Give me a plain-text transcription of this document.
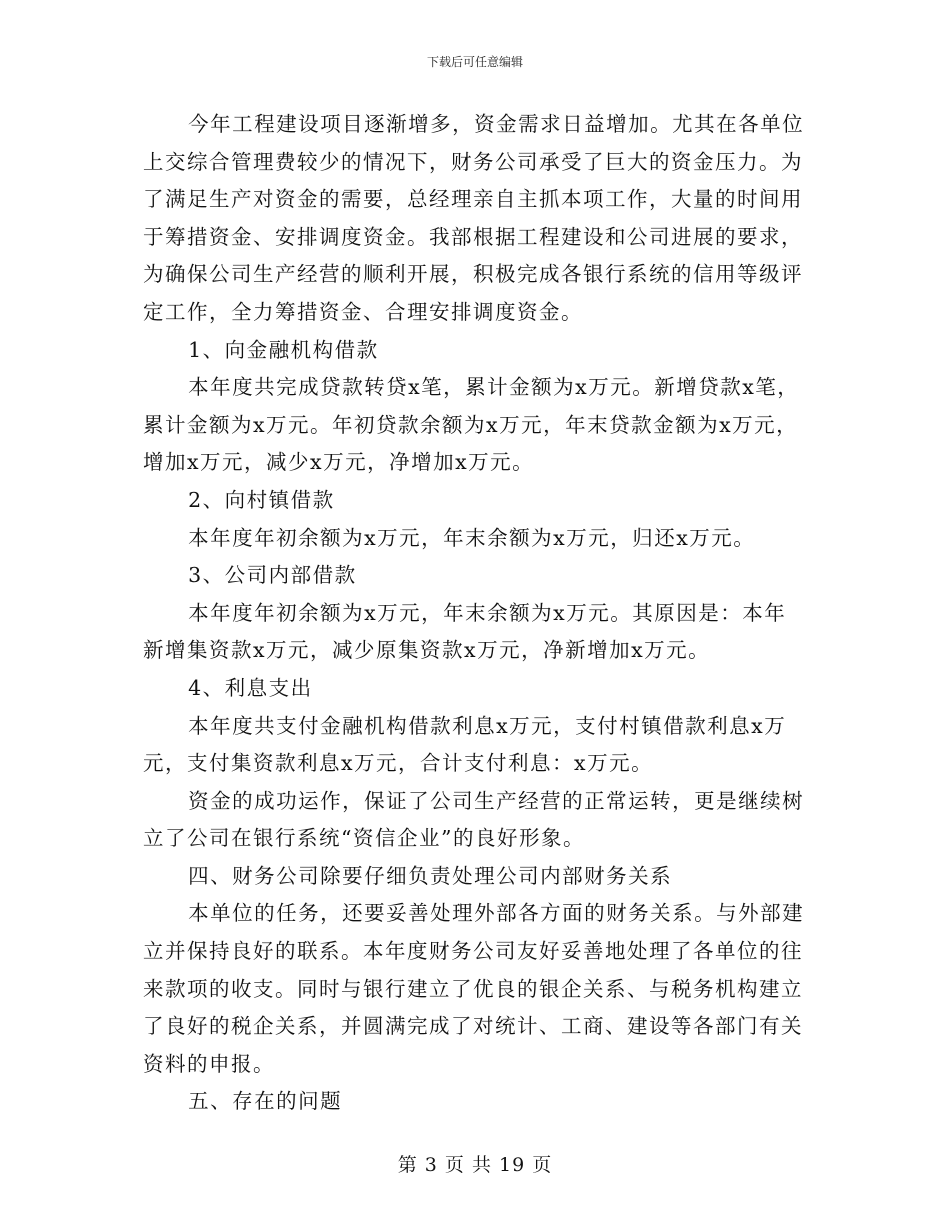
下载后可任意编辑

今年工程建设项目逐渐增多，资金需求日益增加。尤其在各单位上交综合管理费较少的情况下，财务公司承受了巨大的资金压力。为了满足生产对资金的需要，总经理亲自主抓本项工作，大量的时间用于筹措资金、安排调度资金。我部根据工程建设和公司进展的要求，为确保公司生产经营的顺利开展，积极完成各银行系统的信用等级评定工作，全力筹措资金、合理安排调度资金。

1、向金融机构借款

本年度共完成贷款转贷x笔，累计金额为x万元。新增贷款x笔，累计金额为x万元。年初贷款余额为x万元，年末贷款金额为x万元，增加x万元，减少x万元，净增加x万元。

2、向村镇借款

本年度年初余额为x万元，年末余额为x万元，归还x万元。

3、公司内部借款

本年度年初余额为x万元，年末余额为x万元。其原因是：本年新增集资款x万元，减少原集资款x万元，净新增加x万元。

4、利息支出

本年度共支付金融机构借款利息x万元，支付村镇借款利息x万元，支付集资款利息x万元，合计支付利息：x万元。

资金的成功运作，保证了公司生产经营的正常运转，更是继续树立了公司在银行系统“资信企业”的良好形象。

四、财务公司除要仔细负责处理公司内部财务关系

本单位的任务，还要妥善处理外部各方面的财务关系。与外部建立并保持良好的联系。本年度财务公司友好妥善地处理了各单位的往来款项的收支。同时与银行建立了优良的银企关系、与税务机构建立了良好的税企关系，并圆满完成了对统计、工商、建设等各部门有关资料的申报。

五、存在的问题

第 3 页 共 19 页
